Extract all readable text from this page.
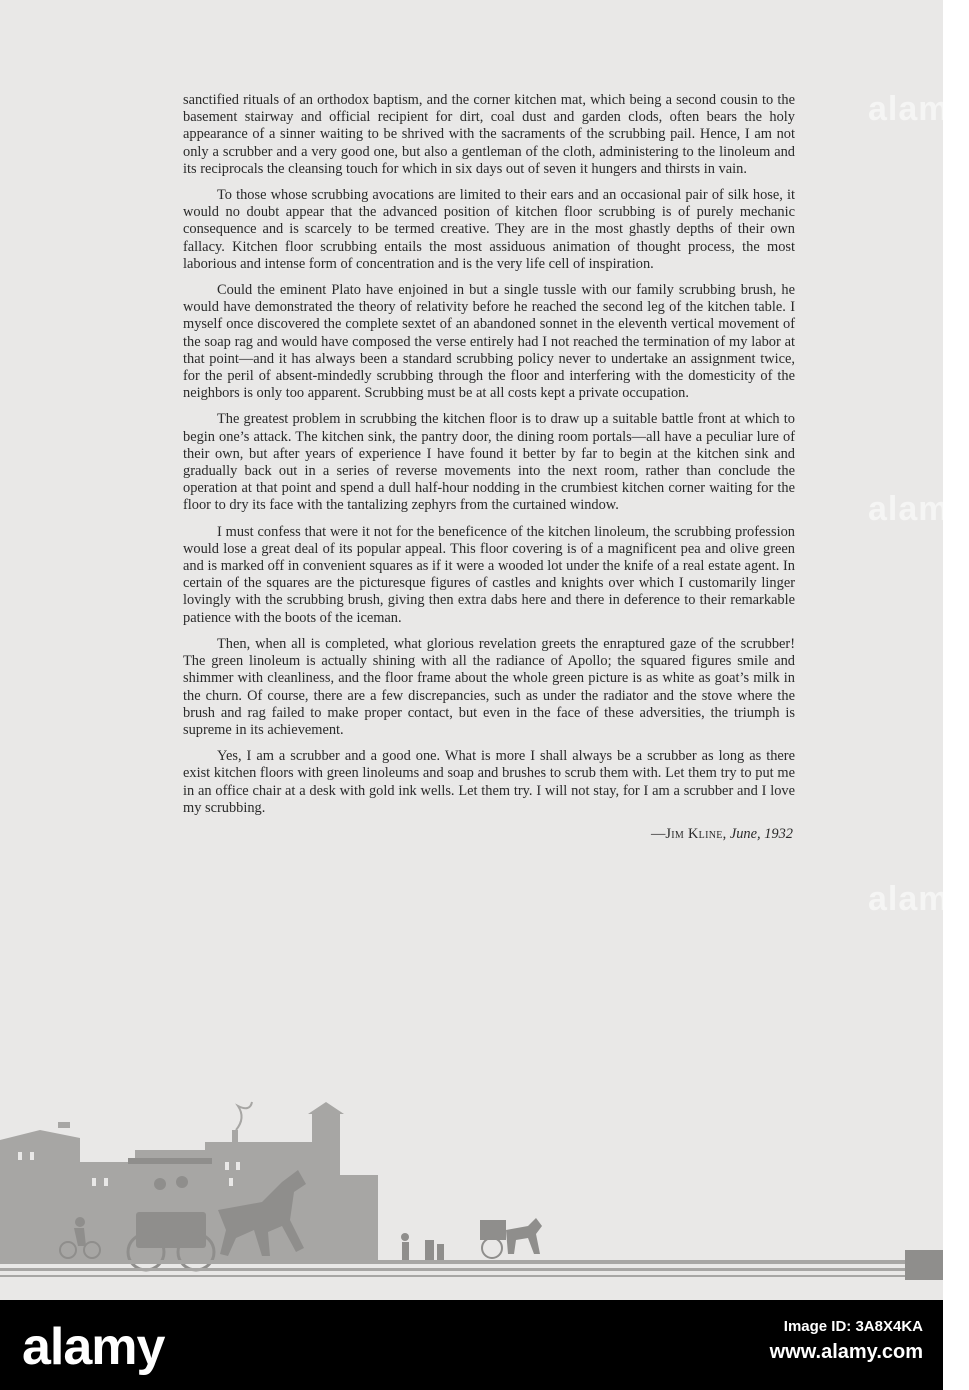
sanctified rituals of an orthodox baptism, and the corner kitchen mat, which being a second cousin to the basement stairway and official recipient for dirt, coal dust and garden clods, often bears the holy appearance of a sinner waiting to be shrived with the sacraments of the scrubbing pail. Hence, I am not only a scrubber and a very good one, but also a gentleman of the cloth, administering to the linoleum and its reciprocals the cleansing touch for which in six days out of seven it hungers and thirsts in vain.

To those whose scrubbing avocations are limited to their ears and an occasional pair of silk hose, it would no doubt appear that the advanced position of kitchen floor scrubbing is of purely mechanic consequence and is scarcely to be termed creative. They are in the most ghastly depths of their own fallacy. Kitchen floor scrubbing entails the most assiduous animation of thought process, the most laborious and intense form of concentration and is the very life cell of inspiration.

Could the eminent Plato have enjoined in but a single tussle with our family scrubbing brush, he would have demonstrated the theory of relativity before he reached the second leg of the kitchen table. I myself once discovered the complete sextet of an abandoned sonnet in the eleventh vertical movement of the soap rag and would have composed the verse entirely had I not reached the termination of my labor at that point—and it has always been a standard scrubbing policy never to undertake an assignment twice, for the peril of absent-mindedly scrubbing through the floor and interfering with the domesticity of the neighbors is only too apparent. Scrubbing must be at all costs kept a private occupation.

The greatest problem in scrubbing the kitchen floor is to draw up a suitable battle front at which to begin one’s attack. The kitchen sink, the pantry door, the dining room portals—all have a peculiar lure of their own, but after years of experience I have found it better by far to begin at the kitchen sink and gradually back out in a series of reverse movements into the next room, rather than conclude the operation at that point and spend a dull half-hour nodding in the crumbiest kitchen corner waiting for the floor to dry its face with the tantalizing zephyrs from the curtained window.

I must confess that were it not for the beneficence of the kitchen linoleum, the scrubbing profession would lose a great deal of its popular appeal. This floor covering is of a magnificent pea and olive green and is marked off in convenient squares as if it were a wooded lot under the knife of a real estate agent. In certain of the squares are the picturesque figures of castles and knights over which I customarily linger lovingly with the scrubbing brush, giving then extra dabs here and there in deference to their remarkable patience with the boots of the iceman.

Then, when all is completed, what glorious revelation greets the enraptured gaze of the scrubber! The green linoleum is actually shining with all the radiance of Apollo; the squared figures smile and shimmer with cleanliness, and the floor frame about the whole green picture is as white as goat’s milk in the churn. Of course, there are a few discrepancies, such as under the radiator and the stove where the brush and rag failed to make proper contact, but even in the face of these adversities, the triumph is supreme in its achievement.

Yes, I am a scrubber and a good one. What is more I shall always be a scrubber as long as there exist kitchen floors with green linoleums and soap and brushes to scrub them with. Let them try to put me in an office chair at a desk with gold ink wells. Let them try. I will not stay, for I am a scrubber and I love my scrubbing.

—Jim Kline, June, 1932
alamy
alamy
alamy
alamy	Image ID: 3A8X4KA
www.alamy.com
